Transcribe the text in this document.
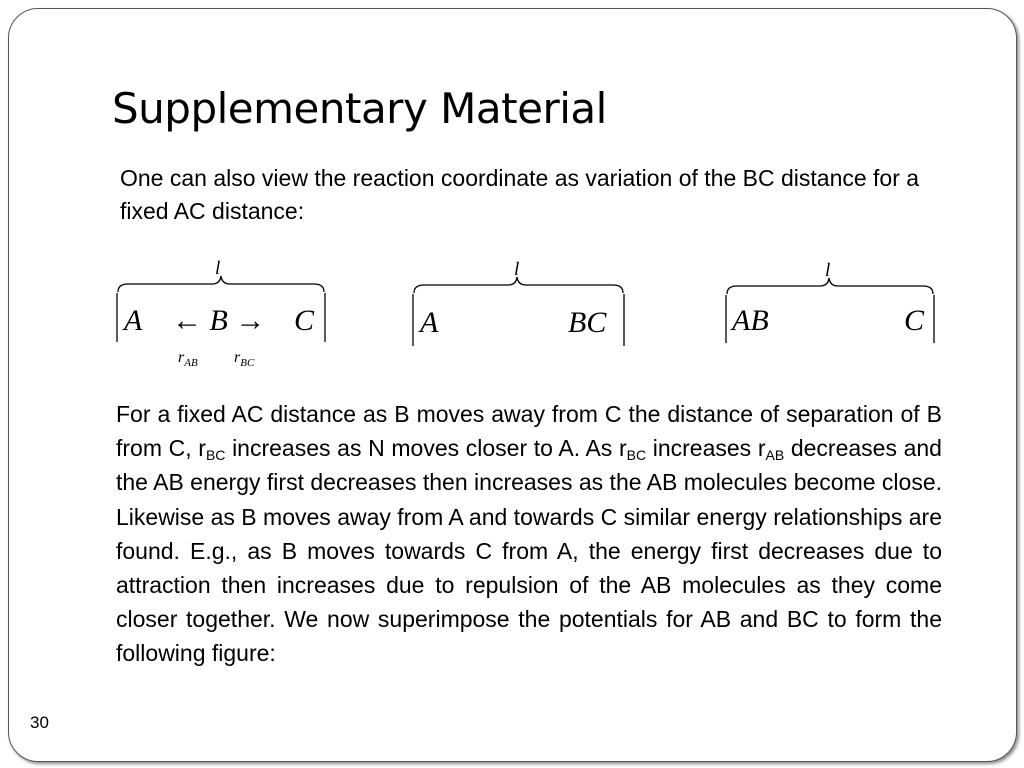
Supplementary Material

One can also view the reaction coordinate as variation of the BC distance for a fixed AC distance:

l
A ← B → C
$r_{AB}$ $r_{BC}$
l
A	BC
l
AB	C

For a fixed AC distance as B moves away from C the distance of separation of B from C, $r_{BC}$ increases as N moves closer to A. As $r_{BC}$ increases $r_{AB}$ decreases and the AB energy first decreases then increases as the AB molecules become close. Likewise as B moves away from A and towards C similar energy relationships are found. E.g., as B moves towards C from A, the energy first decreases due to attraction then increases due to repulsion of the AB molecules as they come closer together. We now superimpose the potentials for AB and BC to form the following figure:

30
